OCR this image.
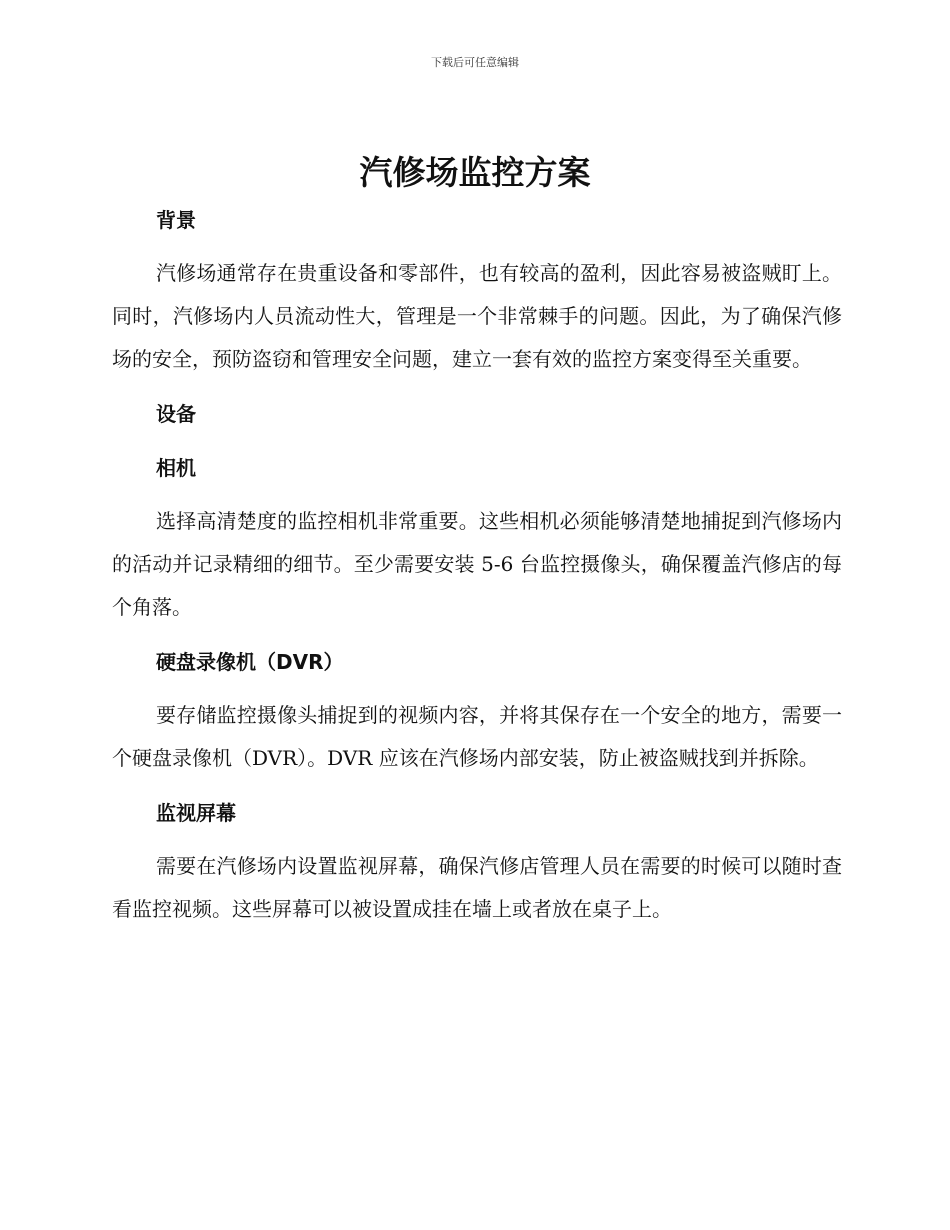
下载后可任意编辑
汽修场监控方案

背景

汽修场通常存在贵重设备和零部件，也有较高的盈利，因此容易被盗贼盯上。同时，汽修场内人员流动性大，管理是一个非常棘手的问题。因此，为了确保汽修场的安全，预防盗窃和管理安全问题，建立一套有效的监控方案变得至关重要。

设备

相机

选择高清楚度的监控相机非常重要。这些相机必须能够清楚地捕捉到汽修场内的活动并记录精细的细节。至少需要安装 5-6 台监控摄像头，确保覆盖汽修店的每个角落。

硬盘录像机（DVR）

要存储监控摄像头捕捉到的视频内容，并将其保存在一个安全的地方，需要一个硬盘录像机（DVR）。DVR 应该在汽修场内部安装，防止被盗贼找到并拆除。

监视屏幕

需要在汽修场内设置监视屏幕，确保汽修店管理人员在需要的时候可以随时查看监控视频。这些屏幕可以被设置成挂在墙上或者放在桌子上。
